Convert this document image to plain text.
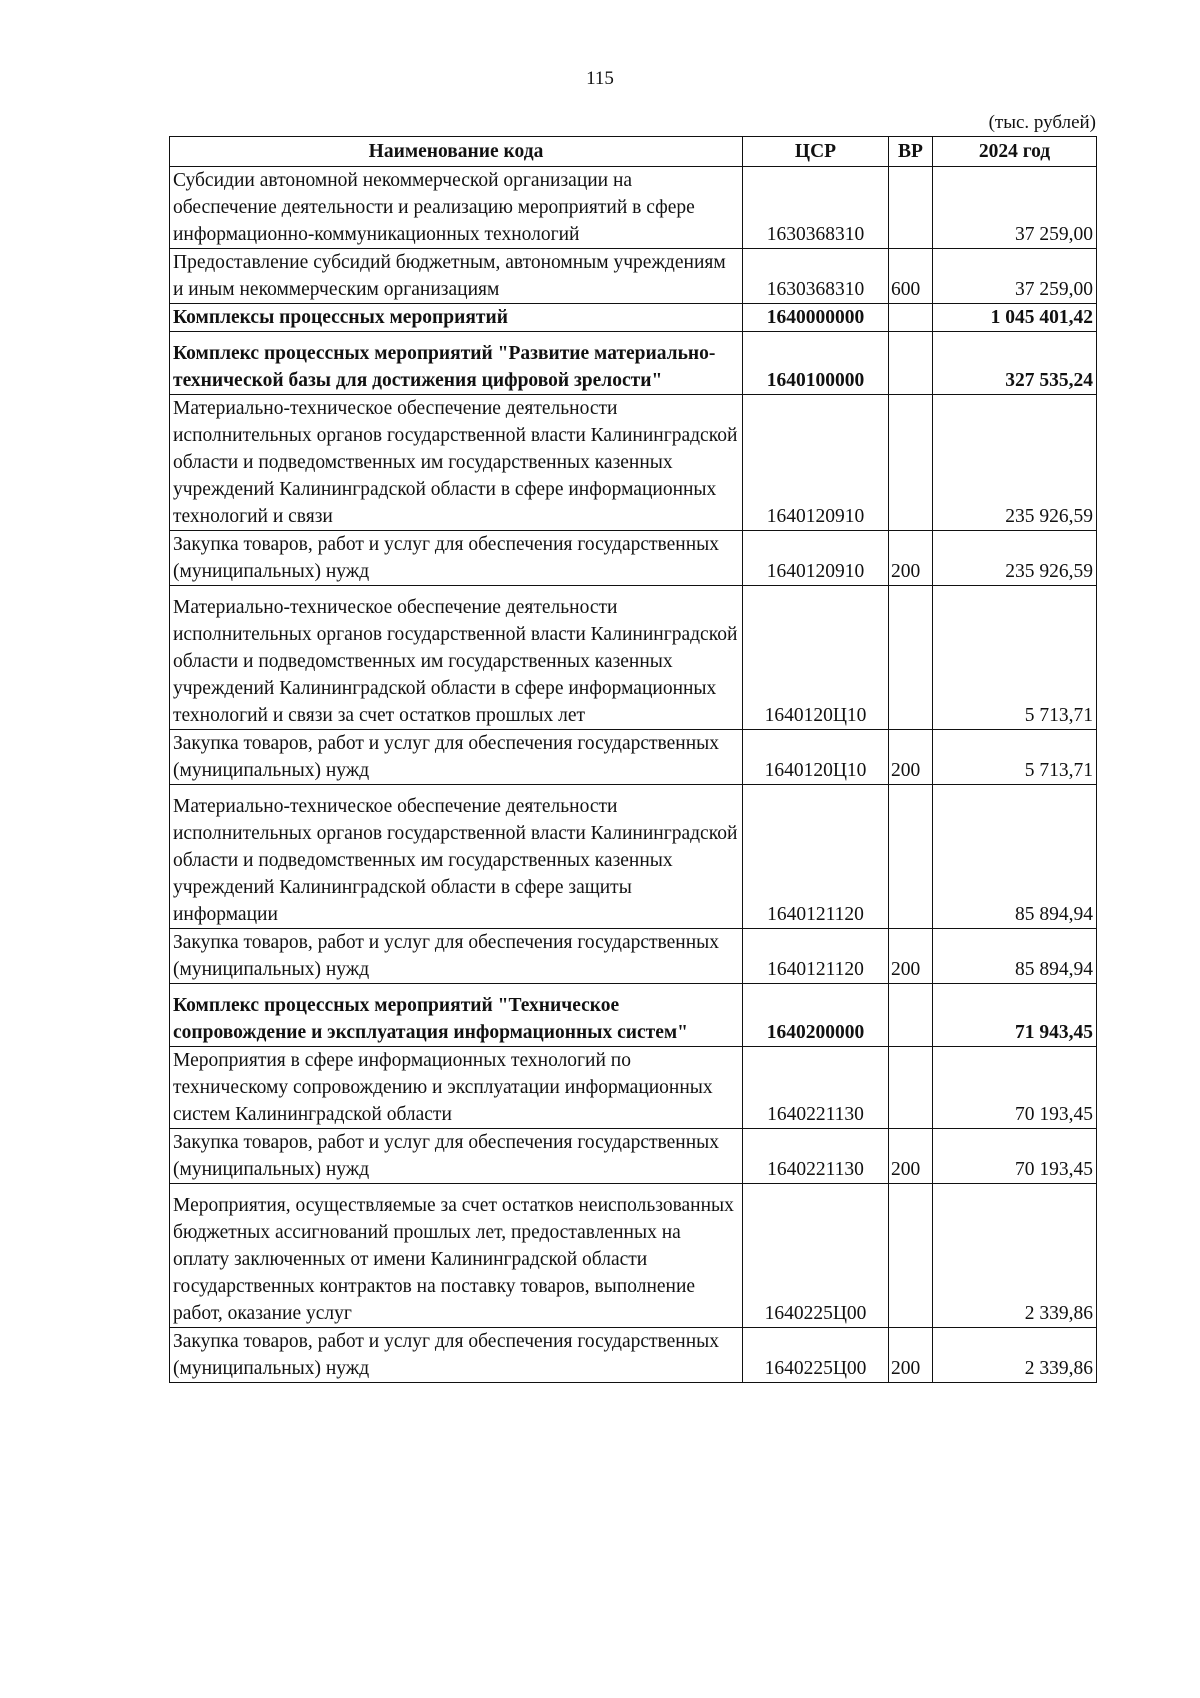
115
(тыс. рублей)
Наименование кода	ЦСР	ВР	2024 год
Субсидии автономной некоммерческой организации на обеспечение деятельности и реализацию мероприятий в сфере информационно-коммуникационных технологий	1630368310		37 259,00
Предоставление субсидий бюджетным, автономным учреждениям и иным некоммерческим организациям	1630368310	600	37 259,00
Комплексы процессных мероприятий	1640000000		1 045 401,42
Комплекс процессных мероприятий "Развитие материально-технической базы для достижения цифровой зрелости"	1640100000		327 535,24
Материально-техническое обеспечение деятельности исполнительных органов государственной власти Калининградской области и подведомственных им государственных казенных учреждений Калининградской области в сфере информационных технологий и связи	1640120910		235 926,59
Закупка товаров, работ и услуг для обеспечения государственных (муниципальных) нужд	1640120910	200	235 926,59
Материально-техническое обеспечение деятельности исполнительных органов государственной власти Калининградской области и подведомственных им государственных казенных учреждений Калининградской области в сфере информационных технологий и связи за счет остатков прошлых лет	1640120Ц10		5 713,71
Закупка товаров, работ и услуг для обеспечения государственных (муниципальных) нужд	1640120Ц10	200	5 713,71
Материально-техническое обеспечение деятельности исполнительных органов государственной власти Калининградской области и подведомственных им государственных казенных учреждений Калининградской области в сфере защиты информации	1640121120		85 894,94
Закупка товаров, работ и услуг для обеспечения государственных (муниципальных) нужд	1640121120	200	85 894,94
Комплекс процессных мероприятий "Техническое сопровождение и эксплуатация информационных систем"	1640200000		71 943,45
Мероприятия в сфере информационных технологий по техническому сопровождению и эксплуатации информационных систем Калининградской области	1640221130		70 193,45
Закупка товаров, работ и услуг для обеспечения государственных (муниципальных) нужд	1640221130	200	70 193,45
Мероприятия, осуществляемые за счет остатков неиспользованных бюджетных ассигнований прошлых лет, предоставленных на оплату заключенных от имени Калининградской области государственных контрактов на поставку товаров, выполнение работ, оказание услуг	1640225Ц00		2 339,86
Закупка товаров, работ и услуг для обеспечения государственных (муниципальных) нужд	1640225Ц00	200	2 339,86
